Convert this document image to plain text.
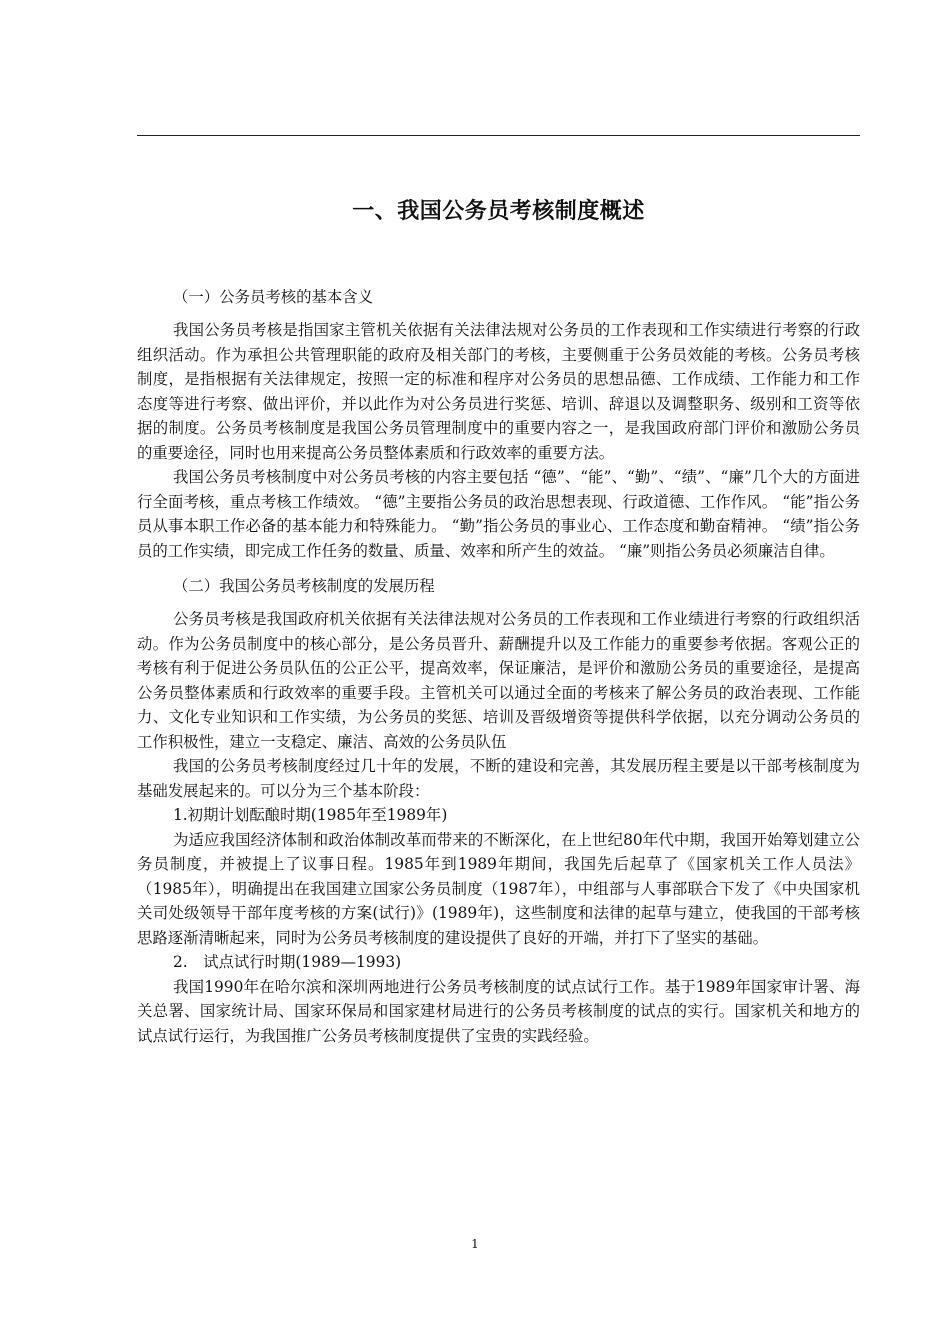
一、我国公务员考核制度概述

（一）公务员考核的基本含义

我国公务员考核是指国家主管机关依据有关法律法规对公务员的工作表现和工作实绩进行考察的行政组织活动。作为承担公共管理职能的政府及相关部门的考核，主要侧重于公务员效能的考核。公务员考核制度，是指根据有关法律规定，按照一定的标准和程序对公务员的思想品德、工作成绩、工作能力和工作态度等进行考察、做出评价，并以此作为对公务员进行奖惩、培训、辞退以及调整职务、级别和工资等依据的制度。公务员考核制度是我国公务员管理制度中的重要内容之一，是我国政府部门评价和激励公务员的重要途径，同时也用来提高公务员整体素质和行政效率的重要方法。

我国公务员考核制度中对公务员考核的内容主要包括 “德”、“能”、“勤”、“绩”、“廉”几个大的方面进行全面考核，重点考核工作绩效。 “德”主要指公务员的政治思想表现、行政道德、工作作风。 “能”指公务员从事本职工作必备的基本能力和特殊能力。 “勤”指公务员的事业心、工作态度和勤奋精神。 “绩”指公务员的工作实绩，即完成工作任务的数量、质量、效率和所产生的效益。 “廉”则指公务员必须廉洁自律。

（二）我国公务员考核制度的发展历程

公务员考核是我国政府机关依据有关法律法规对公务员的工作表现和工作业绩进行考察的行政组织活动。作为公务员制度中的核心部分，是公务员晋升、薪酬提升以及工作能力的重要参考依据。客观公正的考核有利于促进公务员队伍的公正公平，提高效率，保证廉洁，是评价和激励公务员的重要途径，是提高公务员整体素质和行政效率的重要手段。主管机关可以通过全面的考核来了解公务员的政治表现、工作能力、文化专业知识和工作实绩，为公务员的奖惩、培训及晋级增资等提供科学依据，以充分调动公务员的工作积极性，建立一支稳定、廉洁、高效的公务员队伍

我国的公务员考核制度经过几十年的发展，不断的建设和完善，其发展历程主要是以干部考核制度为基础发展起来的。可以分为三个基本阶段：

1.初期计划酝酿时期(1985年至1989年)

为适应我国经济体制和政治体制改革而带来的不断深化，在上世纪80年代中期，我国开始筹划建立公务员制度，并被提上了议事日程。1985年到1989年期间，我国先后起草了《国家机关工作人员法》（1985年），明确提出在我国建立国家公务员制度（1987年），中组部与人事部联合下发了《中央国家机关司处级领导干部年度考核的方案(试行)》(1989年)，这些制度和法律的起草与建立，使我国的干部考核思路逐渐清晰起来，同时为公务员考核制度的建设提供了良好的开端，并打下了坚实的基础。

2.　试点试行时期(1989—1993)

我国1990年在哈尔滨和深圳两地进行公务员考核制度的试点试行工作。基于1989年国家审计署、海关总署、国家统计局、国家环保局和国家建材局进行的公务员考核制度的试点的实行。国家机关和地方的试点试行运行，为我国推广公务员考核制度提供了宝贵的实践经验。

1
